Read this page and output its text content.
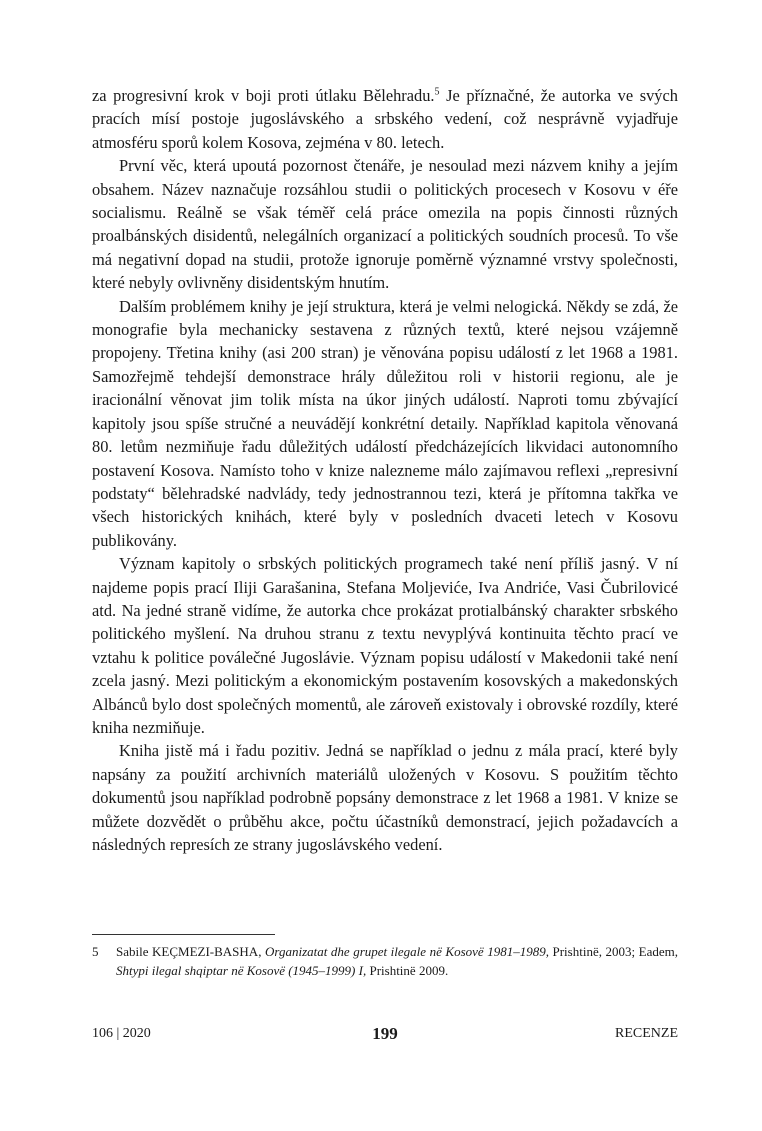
za progresivní krok v boji proti útlaku Bělehradu.$^5$ Je příznačné, že autorka ve svých pracích mísí postoje jugoslávského a srbského vedení, což nesprávně vyjadřuje atmosféru sporů kolem Kosova, zejména v 80. letech.

První věc, která upoutá pozornost čtenáře, je nesoulad mezi názvem knihy a jejím obsahem. Název naznačuje rozsáhlou studii o politických procesech v Kosovu v éře socialismu. Reálně se však téměř celá práce omezila na popis činnosti různých proalbánských disidentů, nelegálních organizací a politických soudních procesů. To vše má negativní dopad na studii, protože ignoruje poměrně významné vrstvy společnosti, které nebyly ovlivněny disidentským hnutím.

Dalším problémem knihy je její struktura, která je velmi nelogická. Někdy se zdá, že monografie byla mechanicky sestavena z různých textů, které nejsou vzájemně propojeny. Třetina knihy (asi 200 stran) je věnována popisu událostí z let 1968 a 1981. Samozřejmě tehdejší demonstrace hrály důležitou roli v historii regionu, ale je iracionální věnovat jim tolik místa na úkor jiných událostí. Naproti tomu zbývající kapitoly jsou spíše stručné a neuvádějí konkrétní detaily. Například kapitola věnovaná 80. letům nezmiňuje řadu důležitých událostí předcházejících likvidaci autonomního postavení Kosova. Namísto toho v knize nalezneme málo zajímavou reflexi „represivní podstaty“ bělehradské nadvlády, tedy jednostrannou tezi, která je přítomna takřka ve všech historických knihách, které byly v posledních dvaceti letech v Kosovu publikovány.

Význam kapitoly o srbských politických programech také není příliš jasný. V ní najdeme popis prací Iliji Garašanina, Stefana Moljeviće, Iva Andriće, Vasi Čubrilovicé atd. Na jedné straně vidíme, že autorka chce prokázat protialbánský charakter srbského politického myšlení. Na druhou stranu z textu nevyplývá kontinuita těchto prací ve vztahu k politice poválečné Jugoslávie. Význam popisu událostí v Makedonii také není zcela jasný. Mezi politickým a ekonomickým postavením kosovských a makedonských Albánců bylo dost společných momentů, ale zároveň existovaly i obrovské rozdíly, které kniha nezmiňuje.

Kniha jistě má i řadu pozitiv. Jedná se například o jednu z mála prací, které byly napsány za použití archivních materiálů uložených v Kosovu. S použitím těchto dokumentů jsou například podrobně popsány demonstrace z let 1968 a 1981. V knize se můžete dozvědět o průběhu akce, počtu účastníků demonstrací, jejich požadavcích a následných represích ze strany jugoslávského vedení.

5	Sabile KEÇMEZI-BASHA, Organizatat dhe grupet ilegale në Kosovë 1981–1989, Prishtinë, 2003; Eadem, Shtypi ilegal shqiptar në Kosovë (1945–1999) I, Prishtinë 2009.
106 | 2020	199	RECENZE
